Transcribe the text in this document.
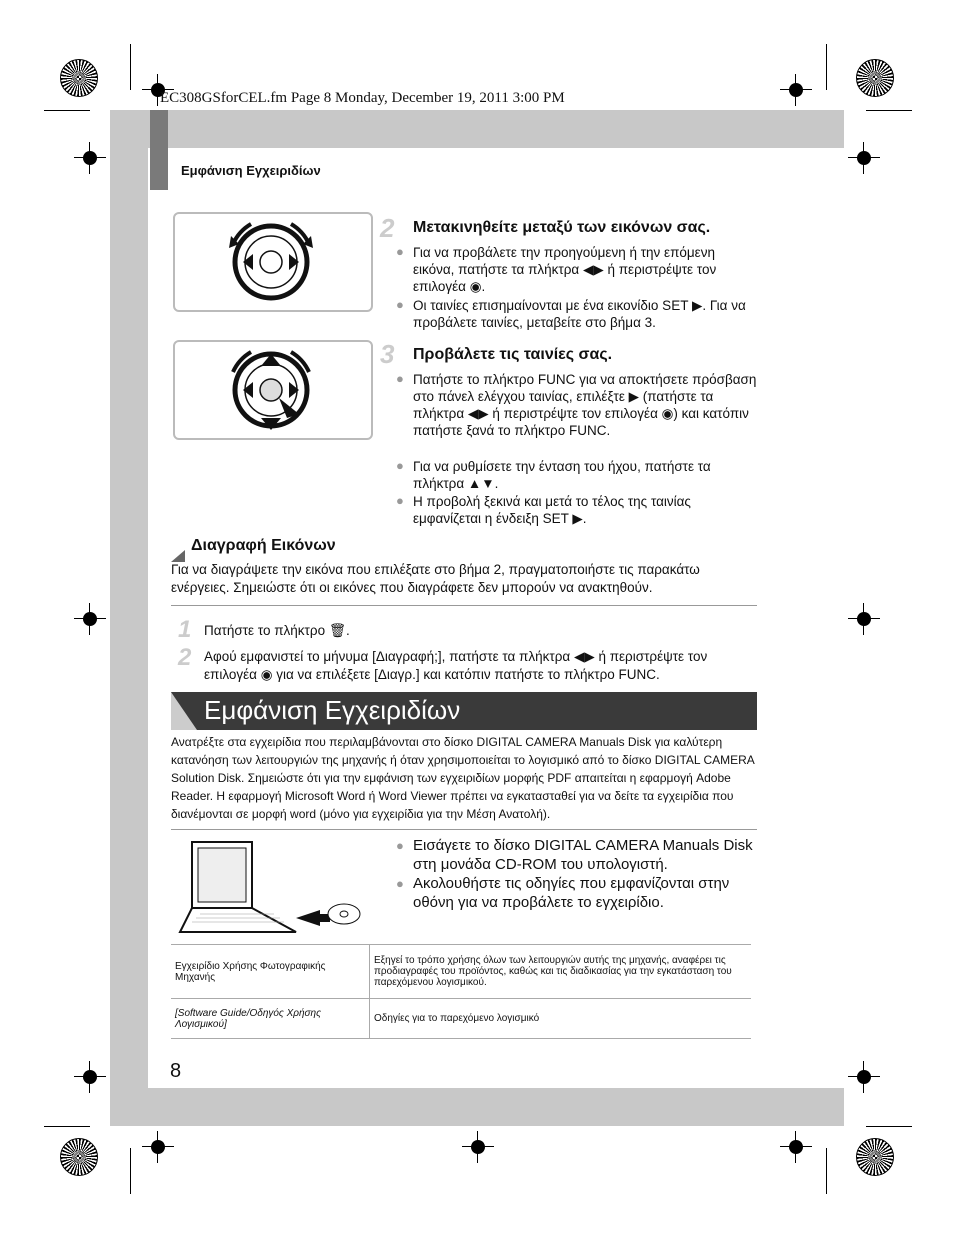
EC308GSforCEL.fm Page 8 Monday, December 19, 2011 3:00 PM
Εμφάνιση Εγχειριδίων
2 Μετακινηθείτε μεταξύ των εικόνων σας.
● Για να προβάλετε την προηγούμενη ή την επόμενη εικόνα, πατήστε τα πλήκτρα ◀▶ ή περιστρέψτε τον επιλογέα ◉.
● Οι ταινίες επισημαίνονται με ένα εικονίδιο SET ▶. Για να προβάλετε ταινίες, μεταβείτε στο βήμα 3.
3 Προβάλετε τις ταινίες σας.
● Πατήστε το πλήκτρο FUNC για να αποκτήσετε πρόσβαση στο πάνελ ελέγχου ταινίας, επιλέξτε ▶ (πατήστε τα πλήκτρα ◀▶ ή περιστρέψτε τον επιλογέα ◉) και κατόπιν πατήστε ξανά το πλήκτρο FUNC.
● Για να ρυθμίσετε την ένταση του ήχου, πατήστε τα πλήκτρα ▲▼.
● Η προβολή ξεκινά και μετά το τέλος της ταινίας εμφανίζεται η ένδειξη SET ▶.
Διαγραφή Εικόνων
Για να διαγράψετε την εικόνα που επιλέξατε στο βήμα 2, πραγματοποιήστε τις παρακάτω ενέργειες. Σημειώστε ότι οι εικόνες που διαγράφετε δεν μπορούν να ανακτηθούν.
1 Πατήστε το πλήκτρο 🗑.
2 Αφού εμφανιστεί το μήνυμα [Διαγραφή;], πατήστε τα πλήκτρα ◀▶ ή περιστρέψτε τον επιλογέα ◉ για να επιλέξετε [Διαγρ.] και κατόπιν πατήστε το πλήκτρο FUNC.
Εμφάνιση Εγχειριδίων
Ανατρέξτε στα εγχειρίδια που περιλαμβάνονται στο δίσκο DIGITAL CAMERA Manuals Disk για καλύτερη κατανόηση των λειτουργιών της μηχανής ή όταν χρησιμοποιείται το λογισμικό από το δίσκο DIGITAL CAMERA Solution Disk. Σημειώστε ότι για την εμφάνιση των εγχειριδίων μορφής PDF απαιτείται η εφαρμογή Adobe Reader. Η εφαρμογή Microsoft Word ή Word Viewer πρέπει να εγκατασταθεί για να δείτε τα εγχειρίδια που διανέμονται σε μορφή word (μόνο για εγχειρίδια για την Μέση Ανατολή).
● Εισάγετε το δίσκο DIGITAL CAMERA Manuals Disk στη μονάδα CD-ROM του υπολογιστή.
● Ακολουθήστε τις οδηγίες που εμφανίζονται στην οθόνη για να προβάλετε το εγχειρίδιο.
Εγχειρίδιο Χρήσης Φωτογραφικής Μηχανής	Εξηγεί το τρόπο χρήσης όλων των λειτουργιών αυτής της μηχανής, αναφέρει τις προδιαγραφές του προϊόντος, καθώς και τις διαδικασίας για την εγκατάσταση του παρεχόμενου λογισμικού.
[Software Guide/Οδηγός Χρήσης Λογισμικού]	Οδηγίες για το παρεχόμενο λογισμικό
8
